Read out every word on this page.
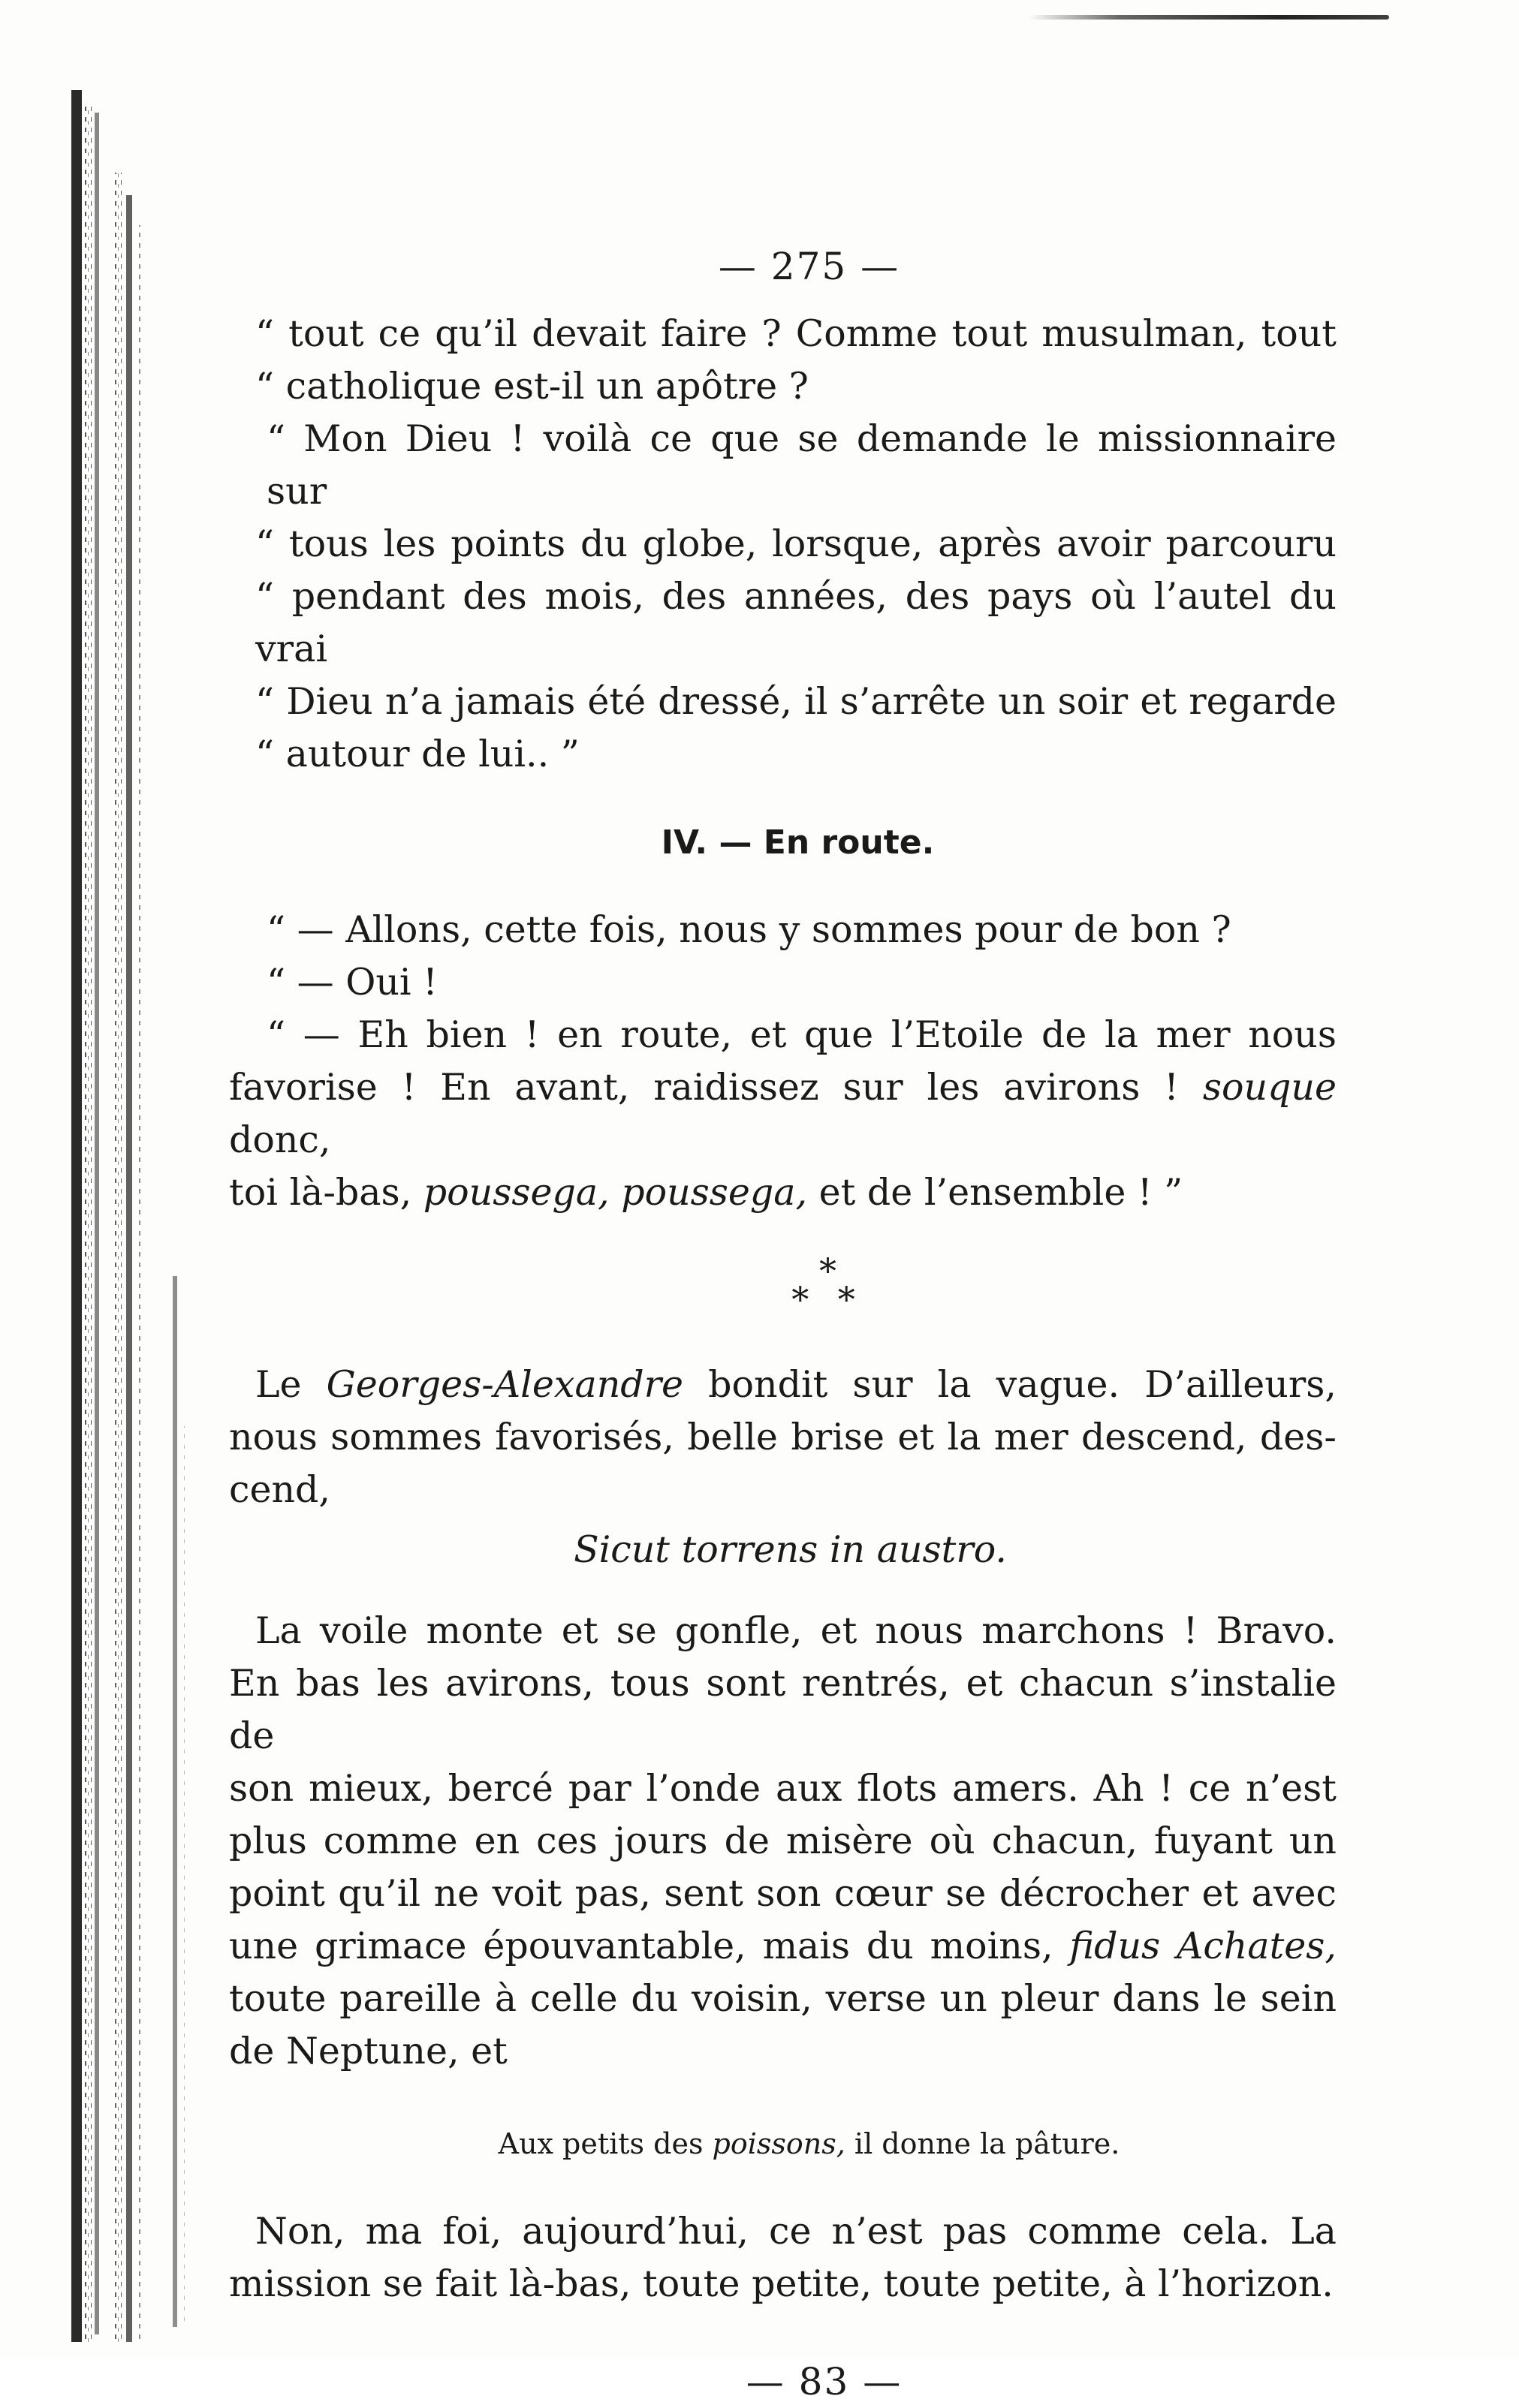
— 275 —

“ tout ce qu’il devait faire ? Comme tout musulman, tout

“ catholique est-il un apôtre ?

“ Mon Dieu ! voilà ce que se demande le missionnaire sur

“ tous les points du globe, lorsque, après avoir parcouru

“ pendant des mois, des années, des pays où l’autel du vrai

“ Dieu n’a jamais été dressé, il s’arrête un soir et regarde

“ autour de lui.. ”

IV. — En route.

“ — Allons, cette fois, nous y sommes pour de bon ?

“ — Oui !

“ — Eh bien ! en route, et que l’Etoile de la mer nous

favorise ! En avant, raidissez sur les avirons ! souque donc,

toi là-bas, poussega, poussega, et de l’ensemble ! ”

*
* *

Le Georges-Alexandre bondit sur la vague. D’ailleurs,

nous sommes favorisés, belle brise et la mer descend, des-

cend,

Sicut torrens in austro.

La voile monte et se gonfle, et nous marchons ! Bravo.

En bas les avirons, tous sont rentrés, et chacun s’instalie de

son mieux, bercé par l’onde aux flots amers. Ah ! ce n’est

plus comme en ces jours de misère où chacun, fuyant un

point qu’il ne voit pas, sent son cœur se décrocher et avec

une grimace épouvantable, mais du moins, fidus Achates,

toute pareille à celle du voisin, verse un pleur dans le sein

de Neptune, et

Aux petits des poissons, il donne la pâture.

Non, ma foi, aujourd’hui, ce n’est pas comme cela. La

mission se fait là-bas, toute petite, toute petite, à l’horizon.

— 83 —
